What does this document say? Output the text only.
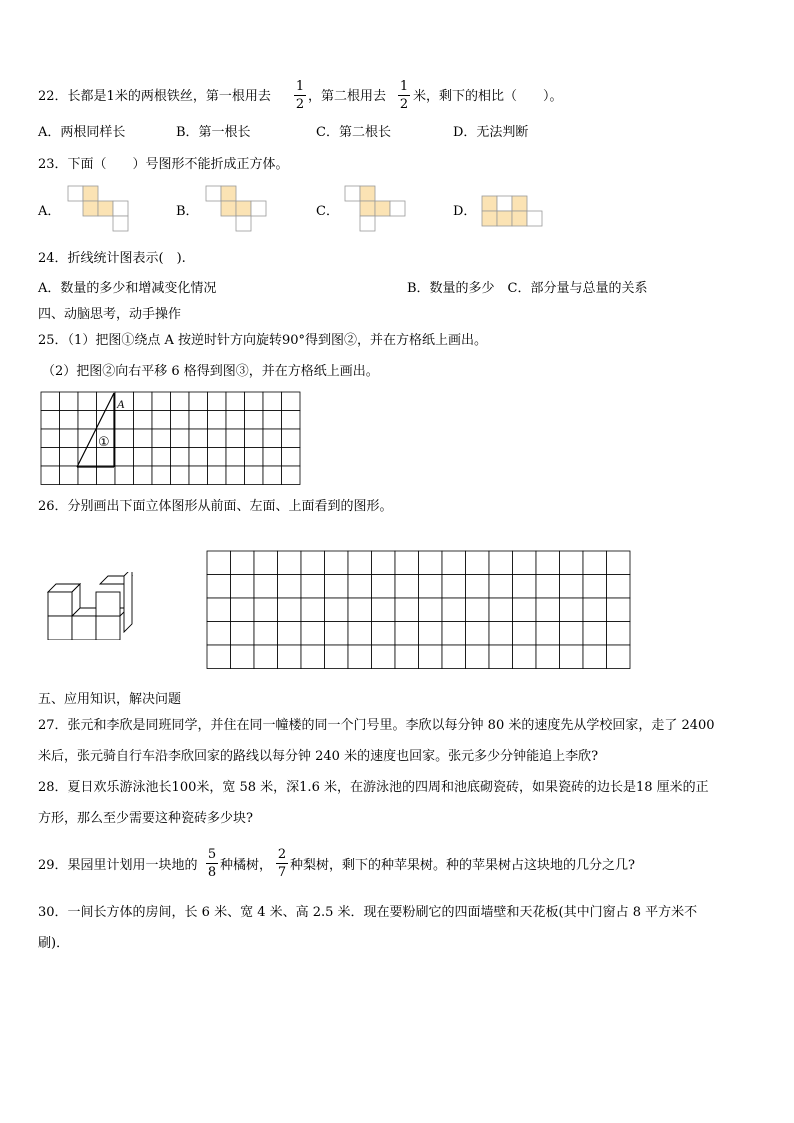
22．长都是1米的两根铁丝，第一根用去
1
2
，第二根用去
1
2
米，剩下的相比（　　）。
A．两根同样长	B．第一根长	C．第二根长	D．无法判断
23．下面（　　）号图形不能折成正方体。
A．	B．	C．	D．
24．折线统计图表示(　).
A．数量的多少和增减变化情况	B．数量的多少　C．部分量与总量的关系
四、动脑思考，动手操作
25．（1）把图①绕点 A 按逆时针方向旋转90°得到图②，并在方格纸上画出。
（2）把图②向右平移 6 格得到图③，并在方格纸上画出。
A
①
26．分别画出下面立体图形从前面、左面、上面看到的图形。
五、应用知识，解决问题
27．张元和李欣是同班同学，并住在同一幢楼的同一个门号里。李欣以每分钟 80 米的速度先从学校回家，走了 2400
米后，张元骑自行车沿李欣回家的路线以每分钟 240 米的速度也回家。张元多少分钟能追上李欣?
28．夏日欢乐游泳池长100米，宽 58 米，深1.6 米，在游泳池的四周和池底砌瓷砖，如果瓷砖的边长是18 厘米的正
方形，那么至少需要这种瓷砖多少块?
29．果园里计划用一块地的
5
8 种橘树，
2
7 种梨树，剩下的种苹果树。种的苹果树占这块地的几分之几?
30．一间长方体的房间，长 6 米、宽 4 米、高 2.5 米．现在要粉刷它的四面墙壁和天花板(其中门窗占 8 平方米不
刷)．
